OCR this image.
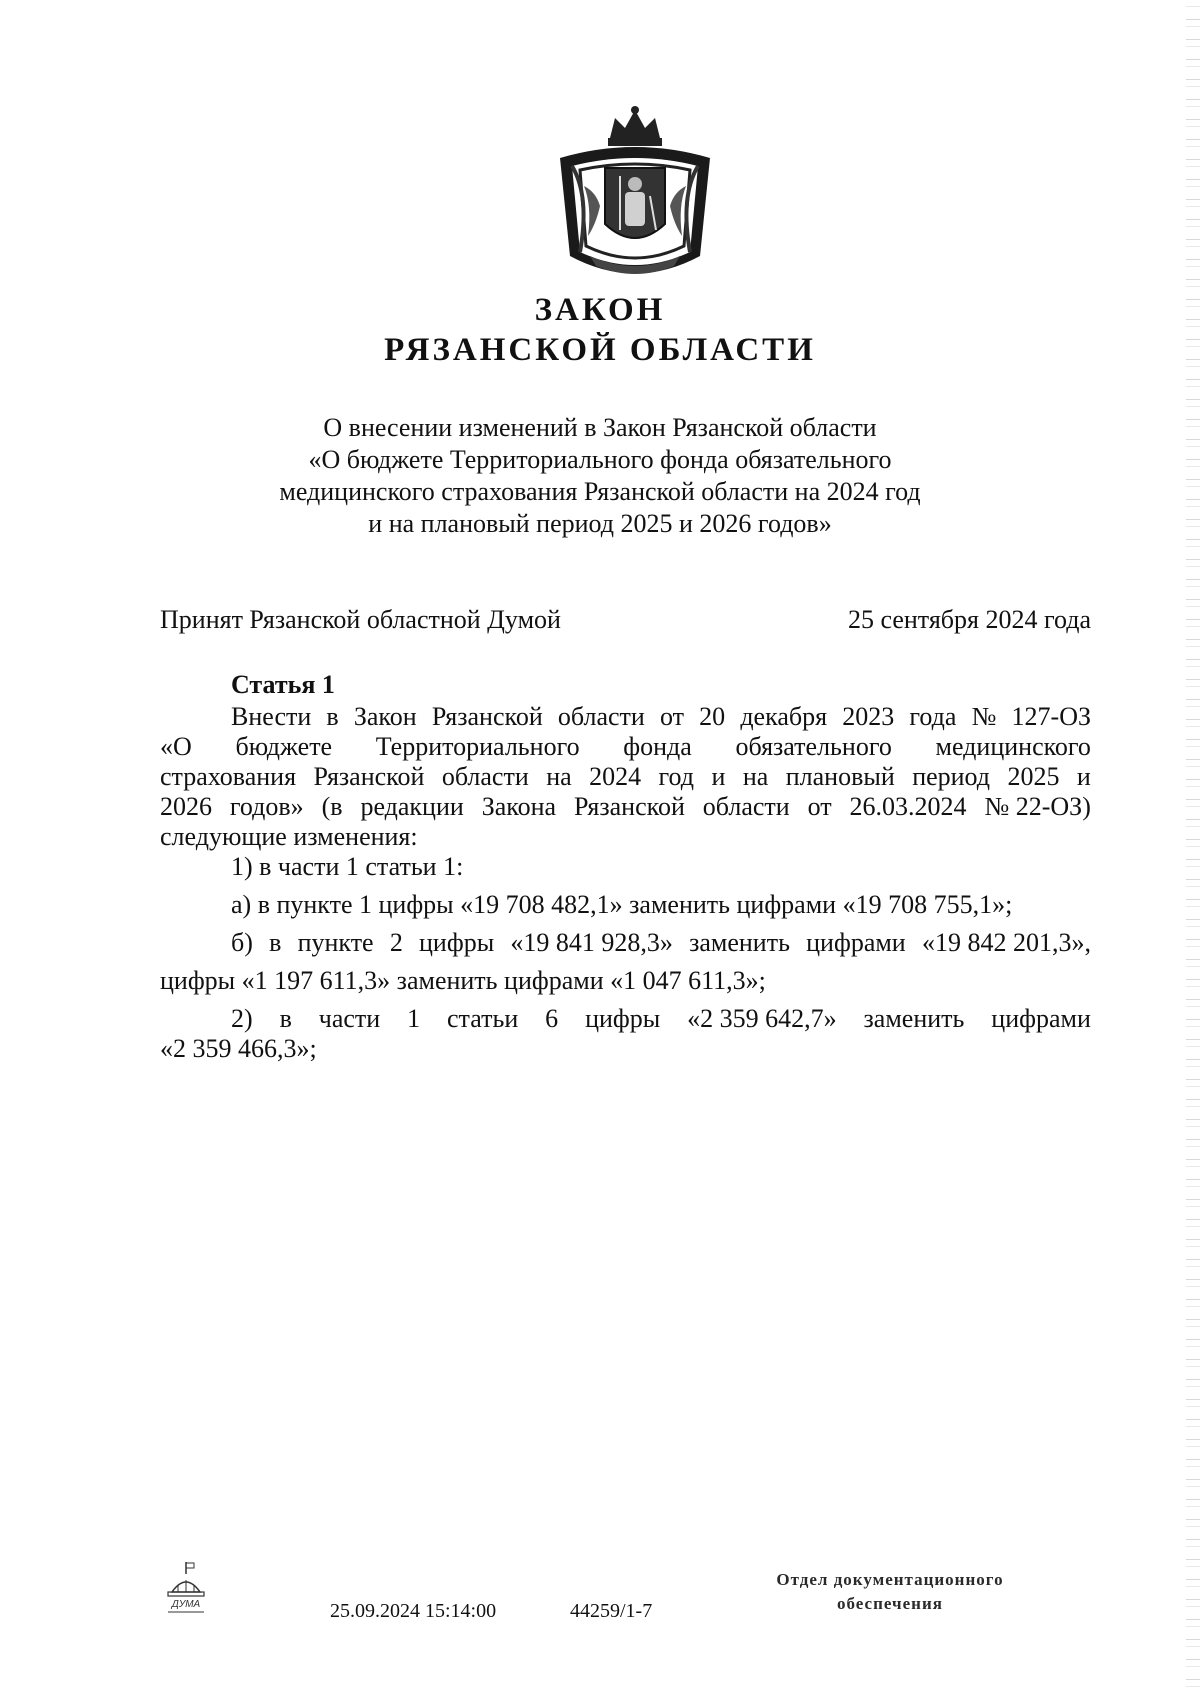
ЗАКОН
РЯЗАНСКОЙ ОБЛАСТИ
О внесении изменений в Закон Рязанской области
«О бюджете Территориального фонда обязательного
медицинского страхования Рязанской области на 2024 год
и на плановый период 2025 и 2026 годов»
Принят Рязанской областной Думой	25 сентября 2024 года
Статья 1
Внести в Закон Рязанской области от 20 декабря 2023 года № 127-ОЗ
«О бюджете Территориального фонда обязательного медицинского
страхования Рязанской области на 2024 год и на плановый период 2025 и
2026 годов» (в редакции Закона Рязанской области от 26.03.2024 № 22-ОЗ)
следующие изменения:
1) в части 1 статьи 1:
а) в пункте 1 цифры «19 708 482,1» заменить цифрами «19 708 755,1»;
б) в пункте 2 цифры «19 841 928,3» заменить цифрами «19 842 201,3»,
цифры «1 197 611,3» заменить цифрами «1 047 611,3»;
2) в части 1 статьи 6 цифры «2 359 642,7» заменить цифрами
«2 359 466,3»;
ДУМА	25.09.2024 15:14:00	44259/1-7
Отдел документационного
обеспечения
